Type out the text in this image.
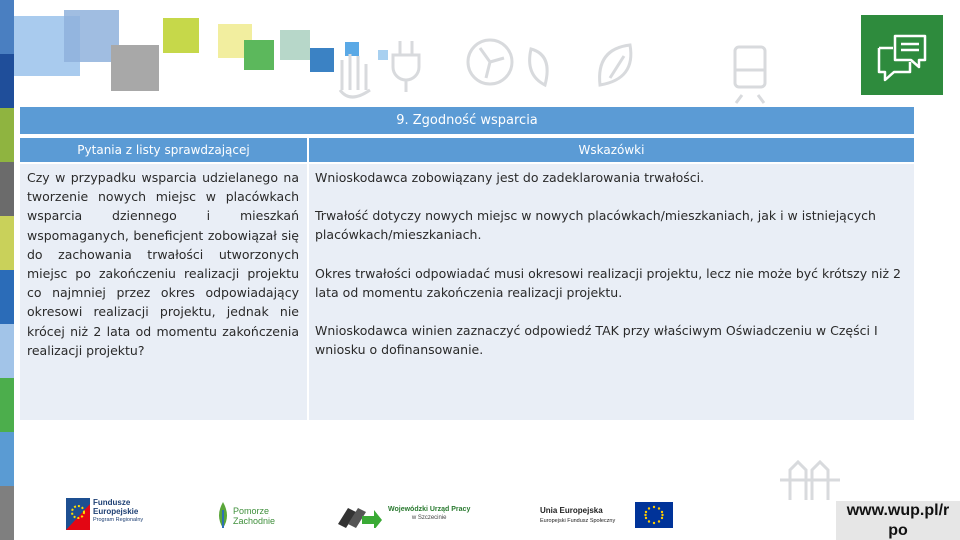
9. Zgodność wsparcia
Pytania z listy sprawdzającej	Wskazówki
Czy w przypadku wsparcia udzielanego na tworzenie nowych miejsc w placówkach wsparcia dziennego i mieszkań wspomaganych, beneficjent zobowiązał się do zachowania trwałości utworzonych miejsc po zakończeniu realizacji projektu co najmniej przez okres odpowiadający okresowi realizacji projektu, jednak nie krócej niż 2 lata od momentu zakończenia realizacji projektu?

Wnioskodawca zobowiązany jest do zadeklarowania trwałości.

Trwałość dotyczy nowych miejsc w nowych placówkach/mieszkaniach, jak i w istniejących placówkach/mieszkaniach.

Okres trwałości odpowiadać musi okresowi realizacji projektu, lecz nie może być krótszy niż 2 lata od momentu zakończenia realizacji projektu.

Wnioskodawca winien zaznaczyć odpowiedź TAK przy właściwym Oświadczeniu w Części I wniosku o dofinansowanie.

Fundusze
Europejskie
Program Regionalny
Pomorze
Zachodnie
Wojewódzki Urząd Pracy
w Szczecinie
Unia Europejska
Europejski Fundusz Społeczny
www.wup.pl/r po
